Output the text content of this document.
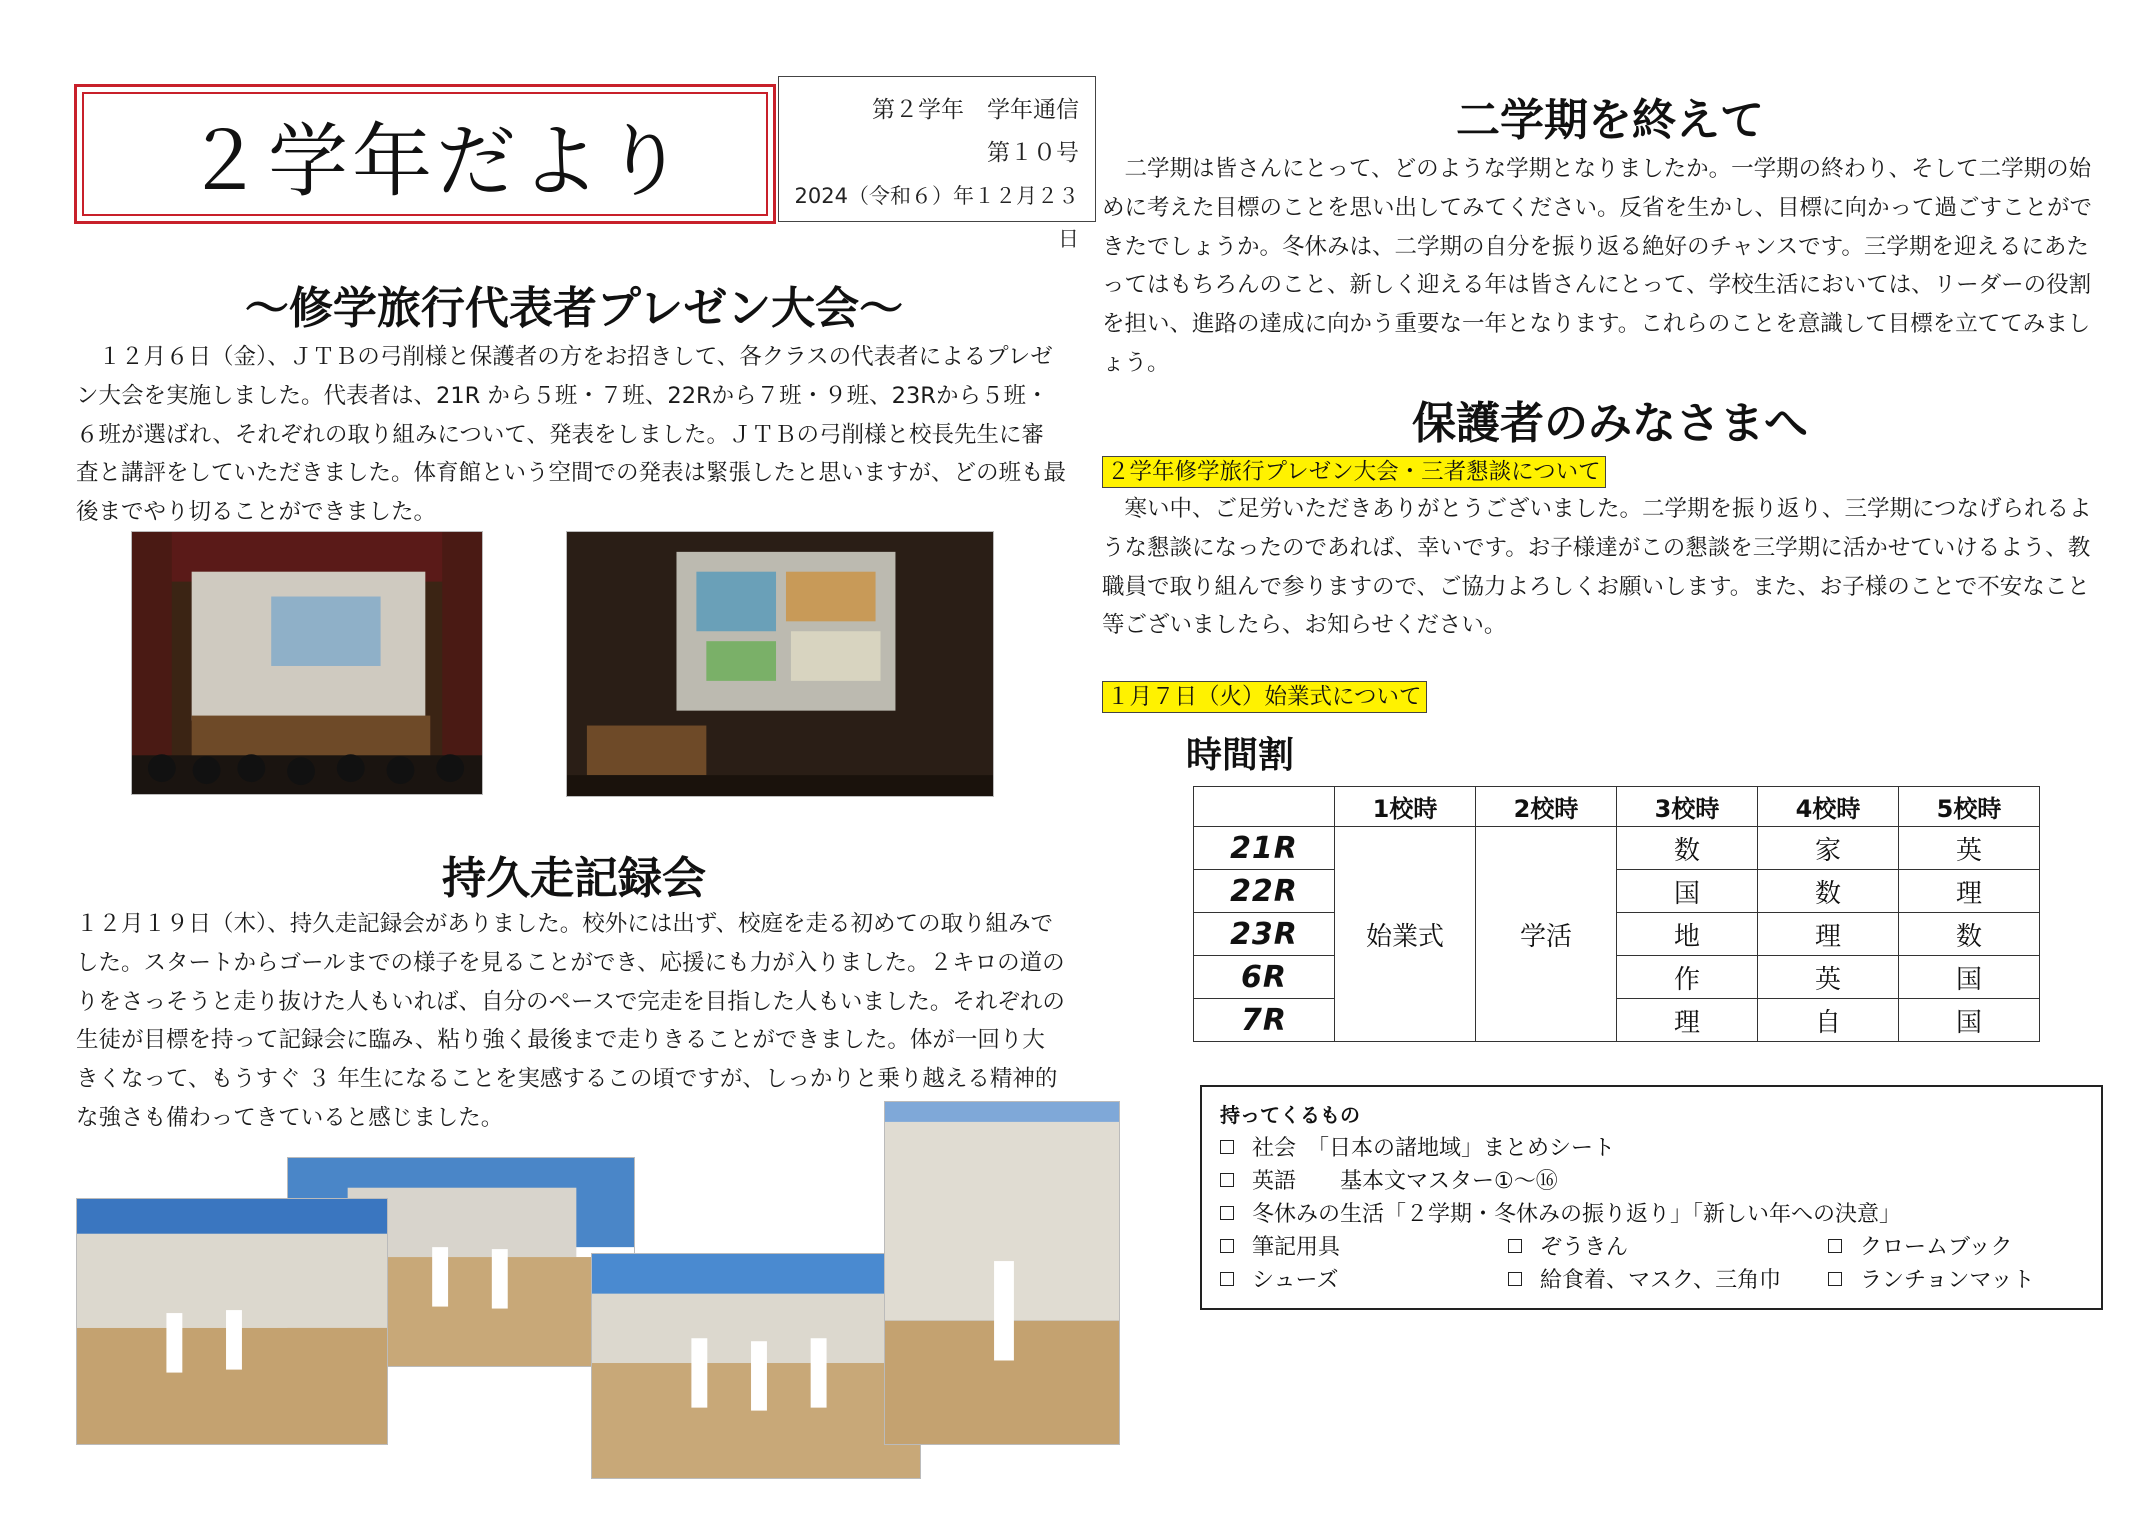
２学年だより
第２学年　学年通信
第１０号
2024（令和６）年１２月２３日
～修学旅行代表者プレゼン大会～
　１２月６日（金）、ＪＴＢの弓削様と保護者の方をお招きして、各クラスの代表者によるプレゼン大会を実施しました。代表者は、21R から５班・７班、22Rから７班・９班、23Rから５班・６班が選ばれ、それぞれの取り組みについて、発表をしました。ＪＴＢの弓削様と校長先生に審査と講評をしていただきました。体育館という空間での発表は緊張したと思いますが、どの班も最後までやり切ることができました。
持久走記録会
１２月１９日（木）、持久走記録会がありました。校外には出ず、校庭を走る初めての取り組みでした。スタートからゴールまでの様子を見ることができ、応援にも力が入りました。２キロの道のりをさっそうと走り抜けた人もいれば、自分のペースで完走を目指した人もいました。それぞれの生徒が目標を持って記録会に臨み、粘り強く最後まで走りきることができました。体が一回り大きくなって、もうすぐ ３ 年生になることを実感するこの頃ですが、しっかりと乗り越える精神的な強さも備わってきていると感じました。
二学期を終えて
　二学期は皆さんにとって、どのような学期となりましたか。一学期の終わり、そして二学期の始めに考えた目標のことを思い出してみてください。反省を生かし、目標に向かって過ごすことができたでしょうか。冬休みは、二学期の自分を振り返る絶好のチャンスです。三学期を迎えるにあたってはもちろんのこと、新しく迎える年は皆さんにとって、学校生活においては、リーダーの役割を担い、進路の達成に向かう重要な一年となります。これらのことを意識して目標を立ててみましょう。
保護者のみなさまへ
２学年修学旅行プレゼン大会・三者懇談について
　寒い中、ご足労いただきありがとうございました。二学期を振り返り、三学期につなげられるような懇談になったのであれば、幸いです。お子様達がこの懇談を三学期に活かせていけるよう、教職員で取り組んで参りますので、ご協力よろしくお願いします。また、お子様のことで不安なこと等ございましたら、お知らせください。
１月７日（火）始業式について
時間割
	1校時	2校時	3校時	4校時	5校時
21R	始業式	学活	数	家	英
22R			国	数	理
23R			地	理	数
6R			作	英	国
7R			理	自	国
持ってくるもの
社会　「日本の諸地域」まとめシート
英語　　基本文マスター①～⑯
冬休みの生活「２学期・冬休みの振り返り」「新しい年への決意」
筆記用具	ぞうきん	クロームブック
シューズ	給食着、マスク、三角巾	ランチョンマット
